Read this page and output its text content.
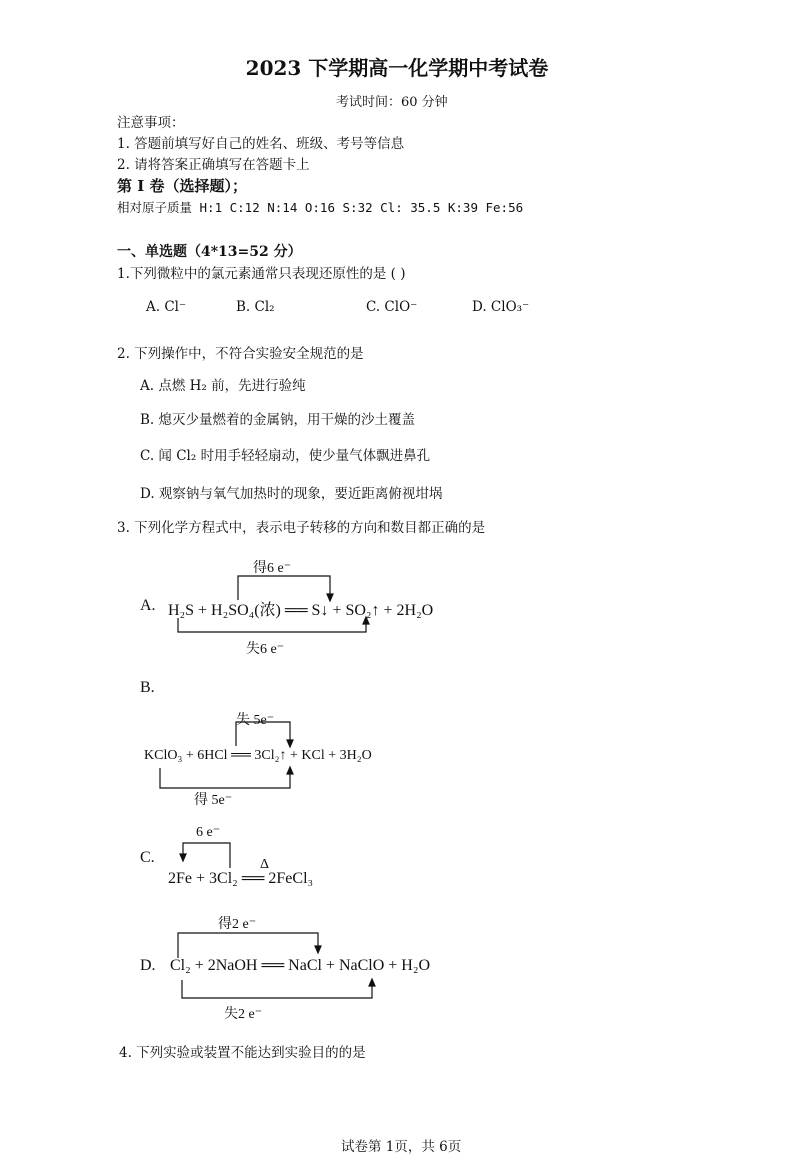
2023 下学期高一化学期中考试卷
考试时间：60 分钟
注意事项：
1. 答题前填写好自己的姓名、班级、考号等信息
2. 请将答案正确填写在答题卡上
第 I 卷（选择题）；
相对原子质量 H:1 C:12 N:14 O:16 S:32 Cl: 35.5 K:39 Fe:56
一、单选题（4*13=52 分）
1.下列微粒中的氯元素通常只表现还原性的是 ( )
A. Cl⁻	B. Cl₂	C. ClO⁻	D. ClO₃⁻
2. 下列操作中，不符合实验安全规范的是
A. 点燃 H₂ 前，先进行验纯
B. 熄灭少量燃着的金属钠，用干燥的沙土覆盖
C. 闻 Cl₂ 时用手轻轻扇动，使少量气体飘进鼻孔
D. 观察钠与氧气加热时的现象，要近距离俯视坩埚
3. 下列化学方程式中，表示电子转移的方向和数目都正确的是
得6 e⁻
A. H₂S + H₂SO₄(浓) ══ S↓ + SO₂↑ + 2H₂O
失6 e⁻
B.
失 5e⁻
KClO₃ + 6HCl ══ 3Cl₂↑ + KCl + 3H₂O
得 5e⁻
6 e⁻
C.	Δ
2Fe + 3Cl₂ ══ 2FeCl₃
得2 e⁻
D. Cl₂ + 2NaOH ══ NaCl + NaClO + H₂O
失2 e⁻
4. 下列实验或装置不能达到实验目的的是
试卷第 1页，共 6页
